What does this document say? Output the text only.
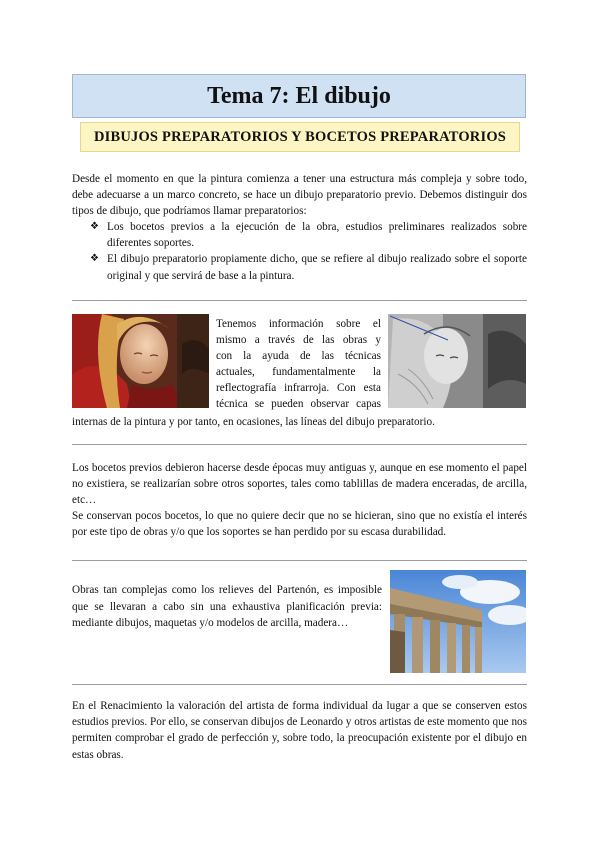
Tema 7: El dibujo
DIBUJOS PREPARATORIOS Y BOCETOS PREPARATORIOS
Desde el momento en que la pintura comienza a tener una estructura más compleja y sobre todo, debe adecuarse a un marco concreto, se hace un dibujo preparatorio previo. Debemos distinguir dos tipos de dibujo, que podríamos llamar preparatorios:
❖ Los bocetos previos a la ejecución de la obra, estudios preliminares realizados sobre diferentes soportes.
❖ El dibujo preparatorio propiamente dicho, que se refiere al dibujo realizado sobre el soporte original y que servirá de base a la pintura.
Tenemos información sobre el
mismo a través de las obras y
con la ayuda de las técnicas
actuales, fundamentalmente la
reflectografía infrarroja. Con esta
técnica se pueden observar capas
internas de la pintura y por tanto, en ocasiones, las líneas del dibujo preparatorio.
Los bocetos previos debieron hacerse desde épocas muy antiguas y, aunque en ese momento el papel no existiera, se realizarían sobre otros soportes, tales como tablillas de madera enceradas, de arcilla, etc…
Se conservan pocos bocetos, lo que no quiere decir que no se hicieran, sino que no existía el interés por este tipo de obras y/o que los soportes se han perdido por su escasa durabilidad.
Obras tan complejas como los relieves del Partenón, es imposible que se llevaran a cabo sin una exhaustiva planificación previa: mediante dibujos, maquetas y/o modelos de arcilla, madera…
En el Renacimiento la valoración del artista de forma individual da lugar a que se conserven estos estudios previos. Por ello, se conservan dibujos de Leonardo y otros artistas de este momento que nos permiten comprobar el grado de perfección y, sobre todo, la preocupación existente por el dibujo en estas obras.
